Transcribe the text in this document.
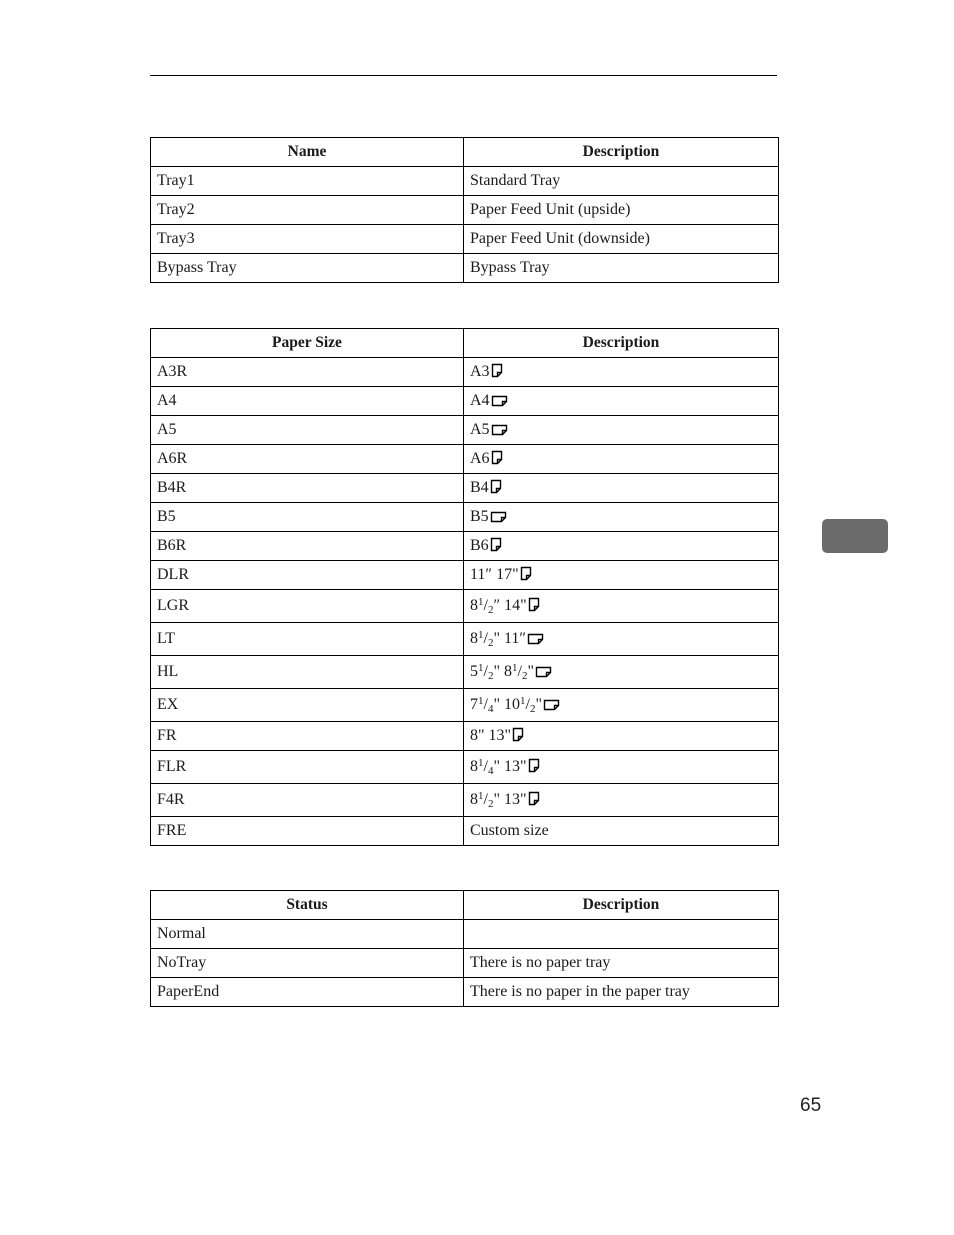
Name	Description
Tray1	Standard Tray
Tray2	Paper Feed Unit (upside)
Tray3	Paper Feed Unit (downside)
Bypass Tray	Bypass Tray
Paper Size	Description
A3R	A3
A4	A4
A5	A5
A6R	A6
B4R	B4
B5	B5
B6R	B6
DLR	11″ 17"
LGR	$8^1/2''$ 14"
LT	$8^1/2$" 11″
HL	$5^1/2$" $8^1/2$"
EX	$7^1/4$" $10^1/2$"
FR	8" 13"
FLR	$8^1/4$" 13"
F4R	$8^1/2$" 13"
FRE	Custom size
Status	Description
Normal	
NoTray	There is no paper tray
PaperEnd	There is no paper in the paper tray
65
